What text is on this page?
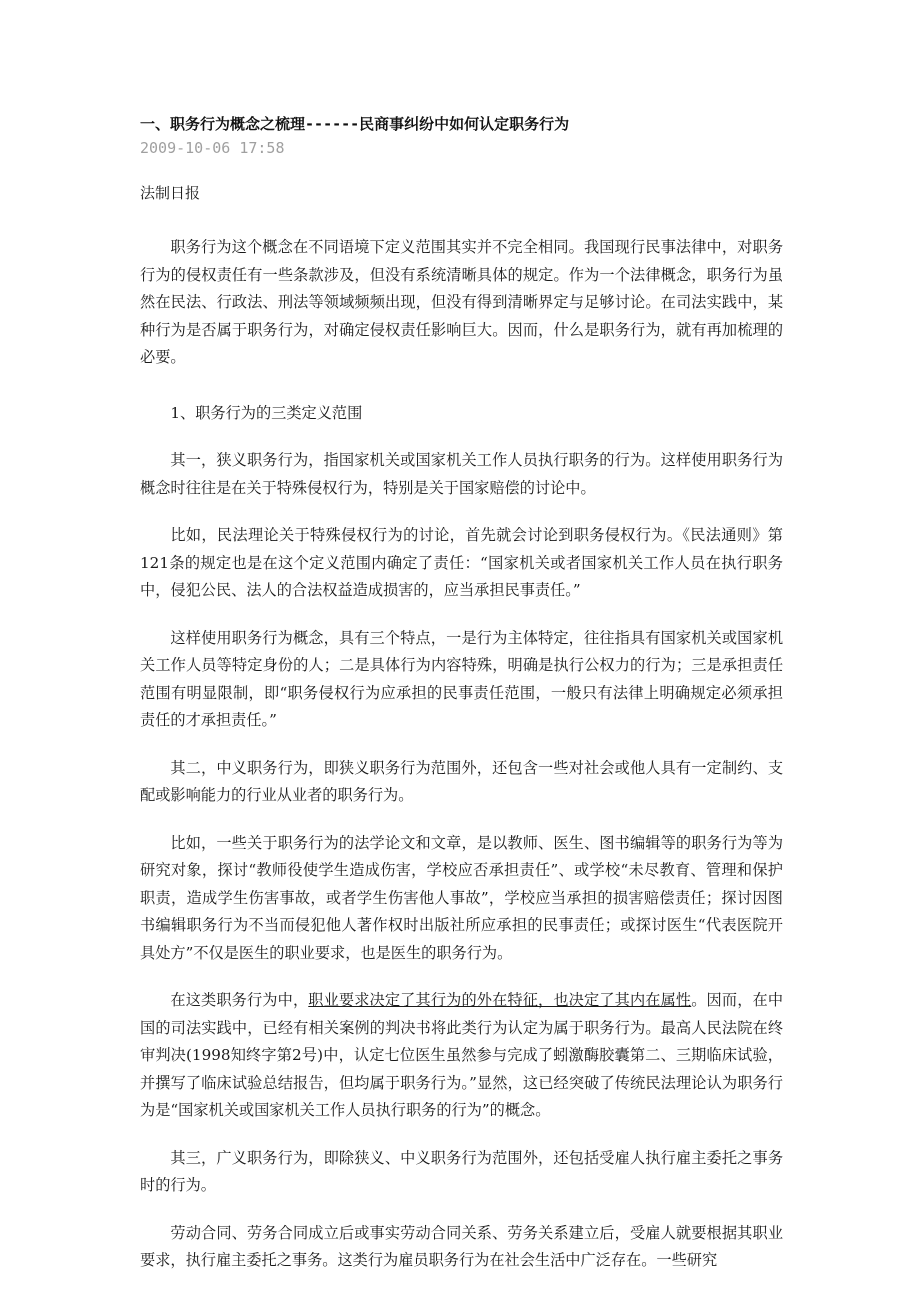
一、职务行为概念之梳理------民商事纠纷中如何认定职务行为

2009-10-06 17:58

法制日报

职务行为这个概念在不同语境下定义范围其实并不完全相同。我国现行民事法律中，对职务行为的侵权责任有一些条款涉及，但没有系统清晰具体的规定。作为一个法律概念，职务行为虽然在民法、行政法、刑法等领域频频出现，但没有得到清晰界定与足够讨论。在司法实践中，某种行为是否属于职务行为，对确定侵权责任影响巨大。因而，什么是职务行为，就有再加梳理的必要。

1、职务行为的三类定义范围

其一，狭义职务行为，指国家机关或国家机关工作人员执行职务的行为。这样使用职务行为概念时往往是在关于特殊侵权行为，特别是关于国家赔偿的讨论中。

比如，民法理论关于特殊侵权行为的讨论，首先就会讨论到职务侵权行为。《民法通则》第121条的规定也是在这个定义范围内确定了责任：“国家机关或者国家机关工作人员在执行职务中，侵犯公民、法人的合法权益造成损害的，应当承担民事责任。”

这样使用职务行为概念，具有三个特点，一是行为主体特定，往往指具有国家机关或国家机关工作人员等特定身份的人；二是具体行为内容特殊，明确是执行公权力的行为；三是承担责任范围有明显限制，即“职务侵权行为应承担的民事责任范围，一般只有法律上明确规定必须承担责任的才承担责任。”

其二，中义职务行为，即狭义职务行为范围外，还包含一些对社会或他人具有一定制约、支配或影响能力的行业从业者的职务行为。

比如，一些关于职务行为的法学论文和文章，是以教师、医生、图书编辑等的职务行为等为研究对象，探讨“教师役使学生造成伤害，学校应否承担责任”、或学校“未尽教育、管理和保护职责，造成学生伤害事故，或者学生伤害他人事故”，学校应当承担的损害赔偿责任；探讨因图书编辑职务行为不当而侵犯他人著作权时出版社所应承担的民事责任；或探讨医生“代表医院开具处方”不仅是医生的职业要求，也是医生的职务行为。

在这类职务行为中，职业要求决定了其行为的外在特征，也决定了其内在属性。因而，在中国的司法实践中，已经有相关案例的判决书将此类行为认定为属于职务行为。最高人民法院在终审判决(1998知终字第2号)中，认定七位医生虽然参与完成了蚓激酶胶囊第二、三期临床试验，并撰写了临床试验总结报告，但均属于职务行为。”显然，这已经突破了传统民法理论认为职务行为是“国家机关或国家机关工作人员执行职务的行为”的概念。

其三，广义职务行为，即除狭义、中义职务行为范围外，还包括受雇人执行雇主委托之事务时的行为。

劳动合同、劳务合同成立后或事实劳动合同关系、劳务关系建立后，受雇人就要根据其职业要求，执行雇主委托之事务。这类行为雇员职务行为在社会生活中广泛存在。一些研究
